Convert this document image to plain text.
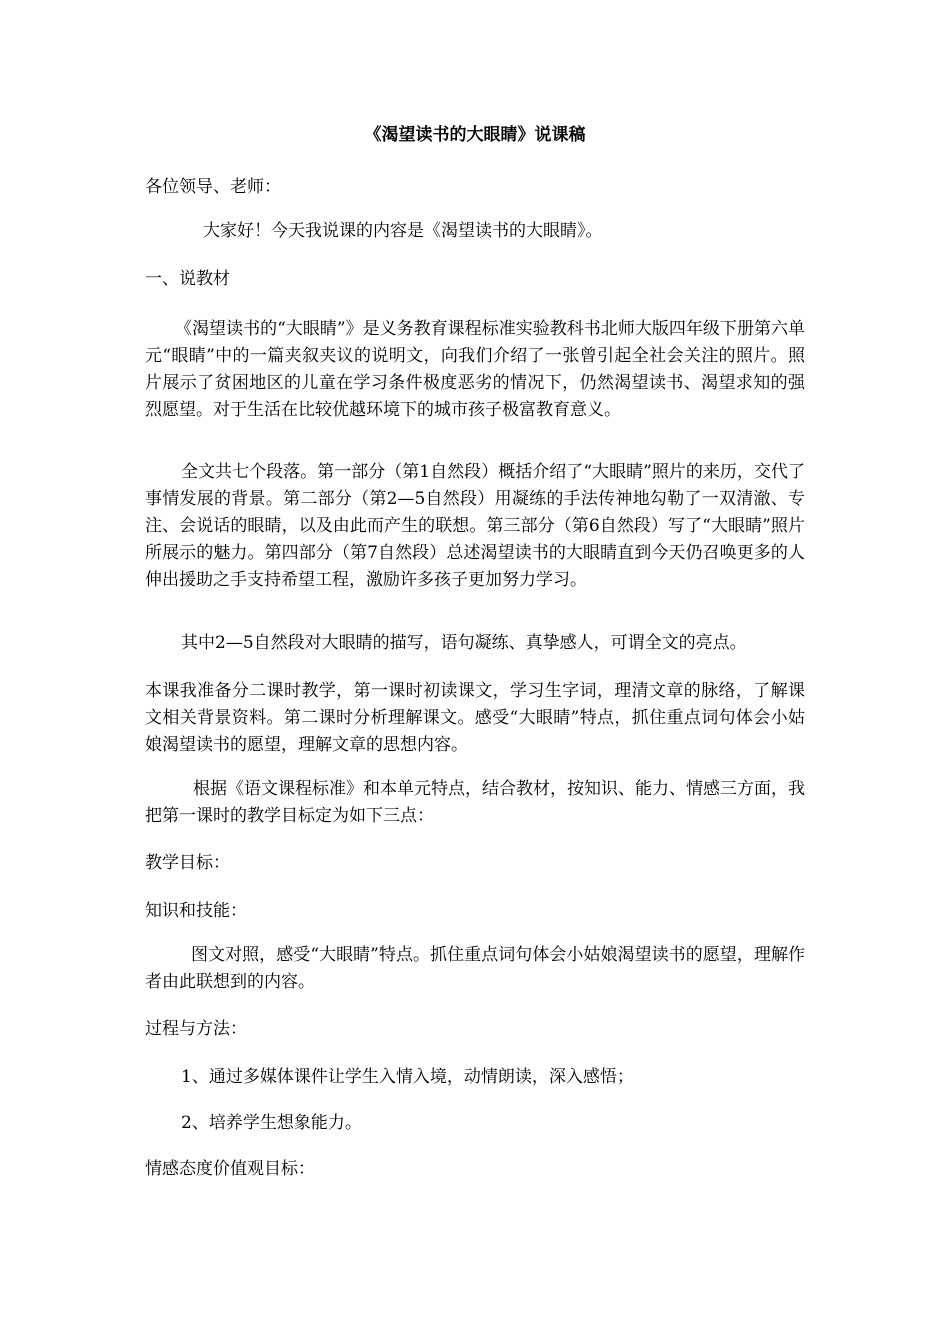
《渴望读书的大眼睛》说课稿

各位领导、老师：

大家好！今天我说课的内容是《渴望读书的大眼睛》。

一、说教材

《渴望读书的“大眼睛”》是义务教育课程标准实验教科书北师大版四年级下册第六单元“眼睛”中的一篇夹叙夹议的说明文，向我们介绍了一张曾引起全社会关注的照片。照片展示了贫困地区的儿童在学习条件极度恶劣的情况下，仍然渴望读书、渴望求知的强烈愿望。对于生活在比较优越环境下的城市孩子极富教育意义。

全文共七个段落。第一部分（第1自然段）概括介绍了“大眼睛”照片的来历，交代了事情发展的背景。第二部分（第2—5自然段）用凝练的手法传神地勾勒了一双清澈、专注、会说话的眼睛，以及由此而产生的联想。第三部分（第6自然段）写了“大眼睛”照片所展示的魅力。第四部分（第7自然段）总述渴望读书的大眼睛直到今天仍召唤更多的人伸出援助之手支持希望工程，激励许多孩子更加努力学习。

其中2—5自然段对大眼睛的描写，语句凝练、真挚感人，可谓全文的亮点。

本课我准备分二课时教学，第一课时初读课文，学习生字词，理清文章的脉络，了解课文相关背景资料。第二课时分析理解课文。感受“大眼睛”特点，抓住重点词句体会小姑娘渴望读书的愿望，理解文章的思想内容。

根据《语文课程标准》和本单元特点，结合教材，按知识、能力、情感三方面，我把第一课时的教学目标定为如下三点：

教学目标：

知识和技能：

图文对照，感受“大眼睛”特点。抓住重点词句体会小姑娘渴望读书的愿望，理解作者由此联想到的内容。

过程与方法：

1、通过多媒体课件让学生入情入境，动情朗读，深入感悟；

2、培养学生想象能力。

情感态度价值观目标：
